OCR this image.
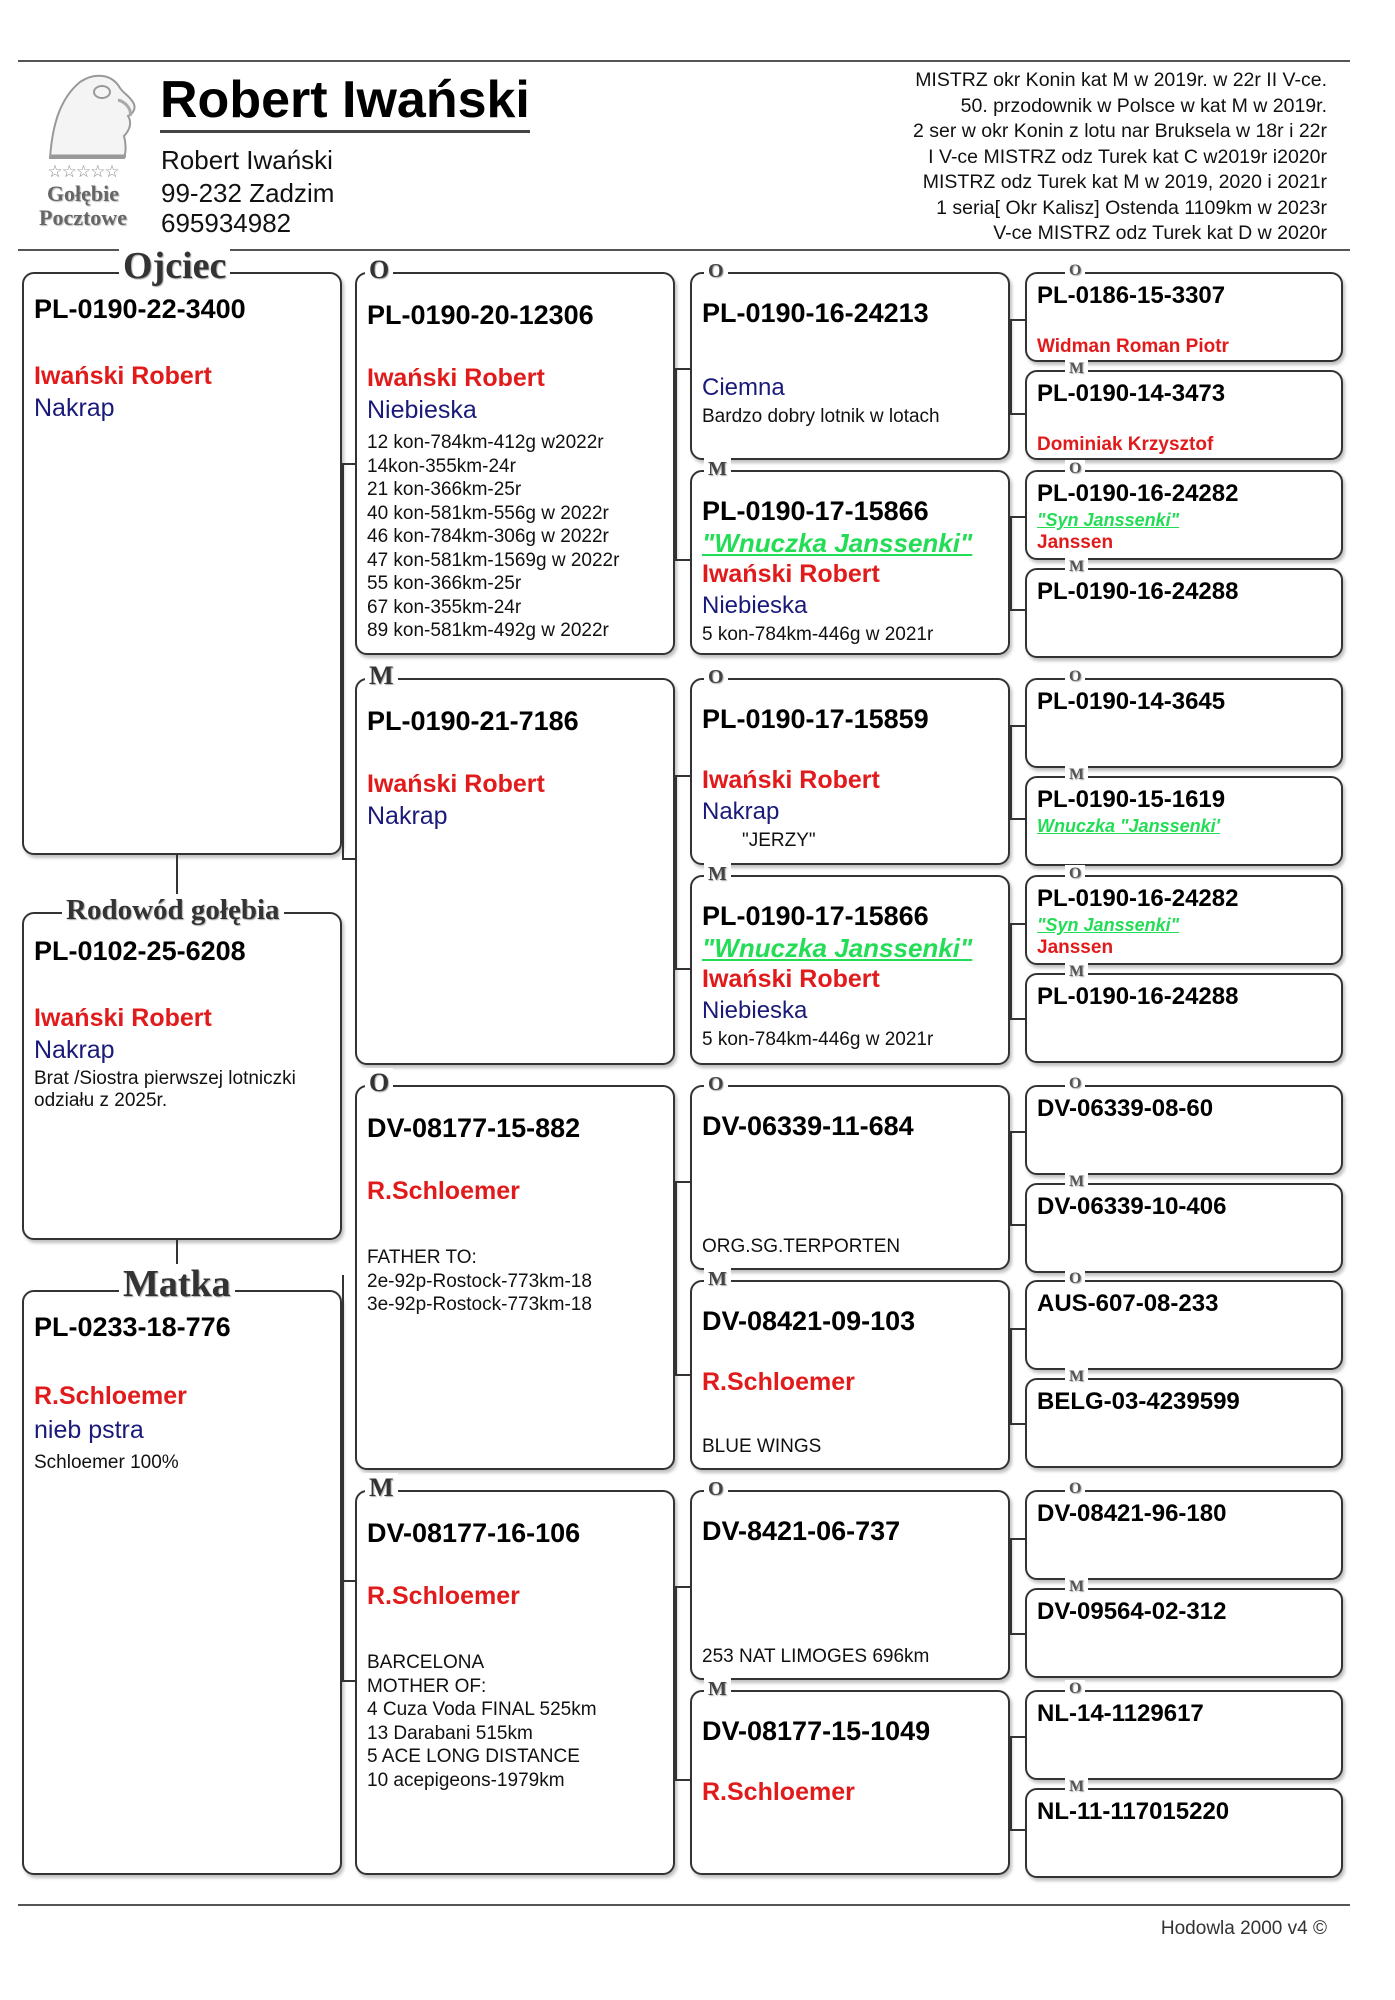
☆☆☆☆☆
Gołębie
Pocztowe
Robert Iwański
Robert Iwański
99-232 Zadzim
695934982
MISTRZ okr Konin kat M w 2019r. w 22r II V-ce.
50. przodownik w Polsce w kat M w 2019r.
2 ser w okr Konin z lotu nar Bruksela w 18r i 22r
I V-ce MISTRZ odz Turek kat C w2019r i2020r
MISTRZ odz Turek kat M w 2019, 2020 i 2021r
1 seria[ Okr Kalisz] Ostenda 1109km w 2023r
V-ce MISTRZ odz Turek kat D w 2020r
Ojciec
PL-0190-22-3400
Iwański Robert
Nakrap
Rodowód gołębia
PL-0102-25-6208
Iwański Robert
Nakrap
Brat /Siostra pierwszej lotniczki
odziału z 2025r.
Matka
PL-0233-18-776
R.Schloemer
nieb pstra
Schloemer 100%
O
PL-0190-20-12306
Iwański Robert
Niebieska
12 kon-784km-412g w2022r
14kon-355km-24r
21 kon-366km-25r
40 kon-581km-556g w 2022r
46 kon-784km-306g w 2022r
47 kon-581km-1569g w 2022r
55 kon-366km-25r
67 kon-355km-24r
89 kon-581km-492g w 2022r
M
PL-0190-21-7186
Iwański Robert
Nakrap
O
DV-08177-15-882
R.Schloemer
FATHER TO:
2e-92p-Rostock-773km-18
3e-92p-Rostock-773km-18
M
DV-08177-16-106
R.Schloemer
BARCELONA
MOTHER OF:
4 Cuza Voda FINAL 525km
13 Darabani 515km
5 ACE LONG DISTANCE
10 acepigeons-1979km
O
PL-0190-16-24213
Ciemna
Bardzo dobry lotnik w lotach
M
PL-0190-17-15866
"Wnuczka Janssenki"
Iwański Robert
Niebieska
5 kon-784km-446g w 2021r
O
PL-0190-17-15859
Iwański Robert
Nakrap
"JERZY"
M
PL-0190-17-15866
"Wnuczka Janssenki"
Iwański Robert
Niebieska
5 kon-784km-446g w 2021r
O
DV-06339-11-684
ORG.SG.TERPORTEN
M
DV-08421-09-103
R.Schloemer
BLUE WINGS
O
DV-8421-06-737
253 NAT LIMOGES 696km
M
DV-08177-15-1049
R.Schloemer
O
PL-0186-15-3307
Widman Roman Piotr
M
PL-0190-14-3473
Dominiak Krzysztof
O
PL-0190-16-24282
"Syn Janssenki"
Janssen
M
PL-0190-16-24288
O
PL-0190-14-3645
M
PL-0190-15-1619
Wnuczka "Janssenki'
O
PL-0190-16-24282
"Syn Janssenki"
Janssen
M
PL-0190-16-24288
O
DV-06339-08-60
M
DV-06339-10-406
O
AUS-607-08-233
M
BELG-03-4239599
O
DV-08421-96-180
M
DV-09564-02-312
O
NL-14-1129617
M
NL-11-117015220
Hodowla 2000 v4 ©
